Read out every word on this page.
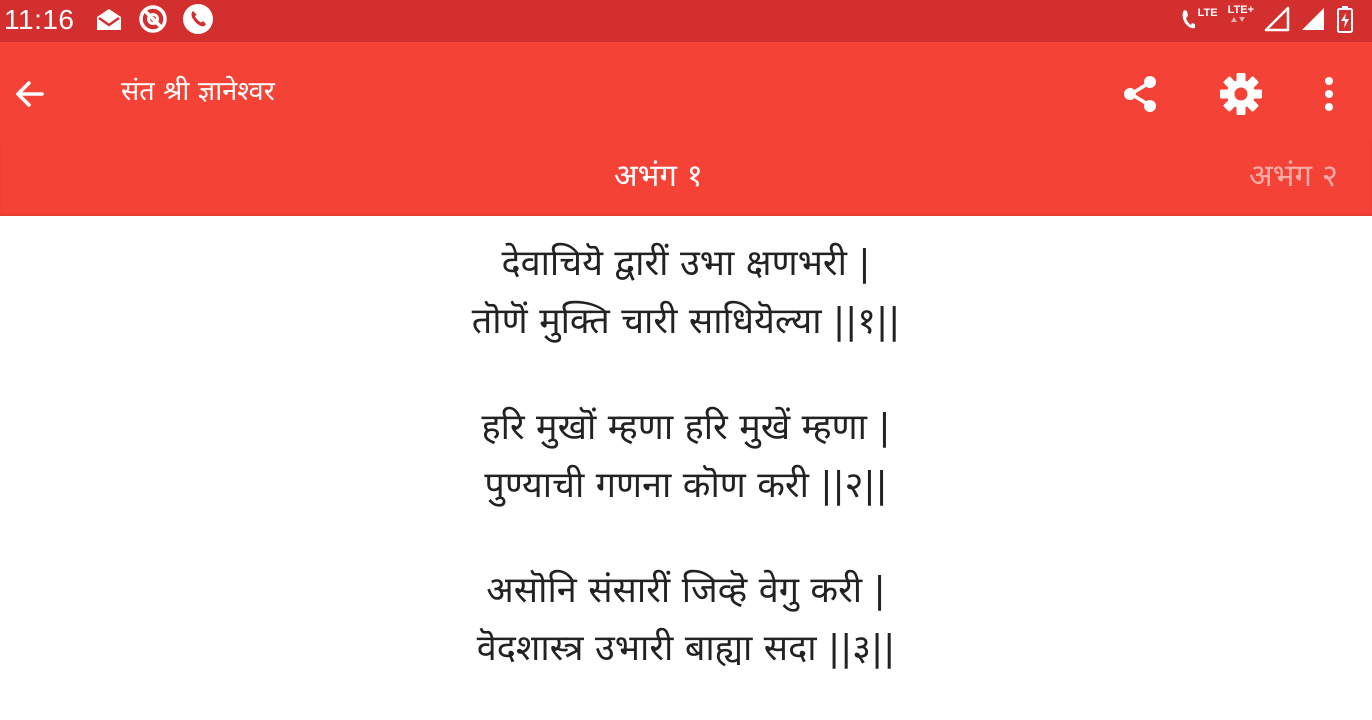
11:16	LTE LTE+
संत श्री ज्ञानेश्वर
अभंग १	अभंग २
देवाचियॆ द्वारीं उभा क्षणभरी |
तॊणॆं मुक्ति चारी साधियॆल्या ||१||
हरि मुखॊं म्हणा हरि मुखें म्हणा |
पुण्याची गणना कॊण करी ||२||
असॊनि संसारीं जिव्हॆ वेगु करी |
वॆदशास्त्र उभारी बाह्या सदा ||३||
